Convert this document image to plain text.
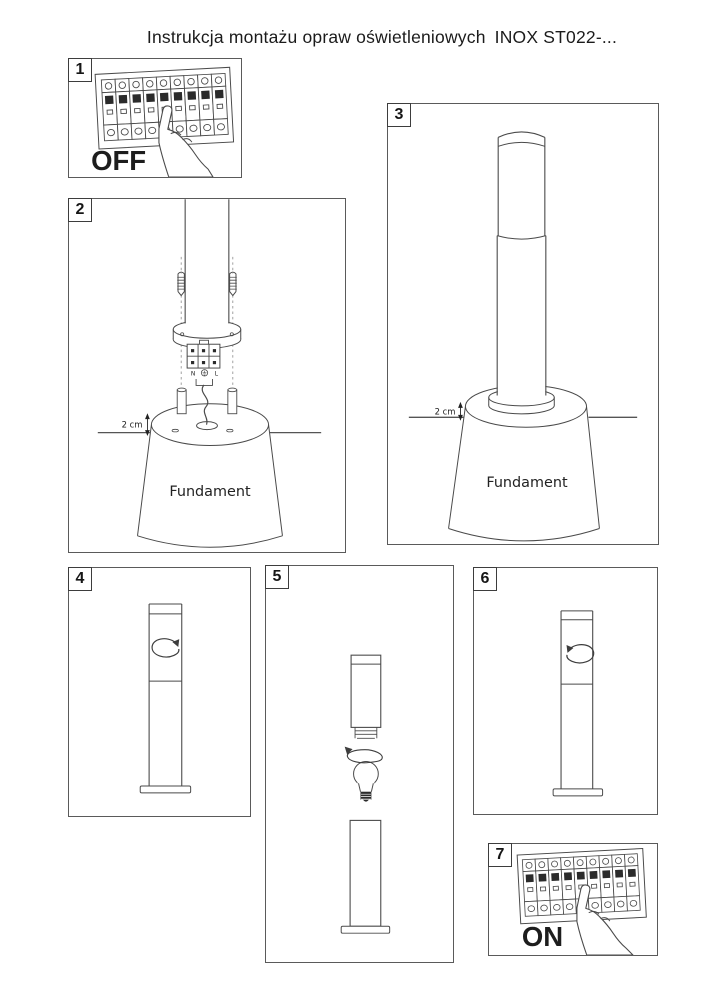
Instrukcja montażu opraw oświetleniowych INOX ST022-...
1
OFF
2
N	L
2 cm
Fundament
3
2 cm
Fundament
4	5	6
7
ON
